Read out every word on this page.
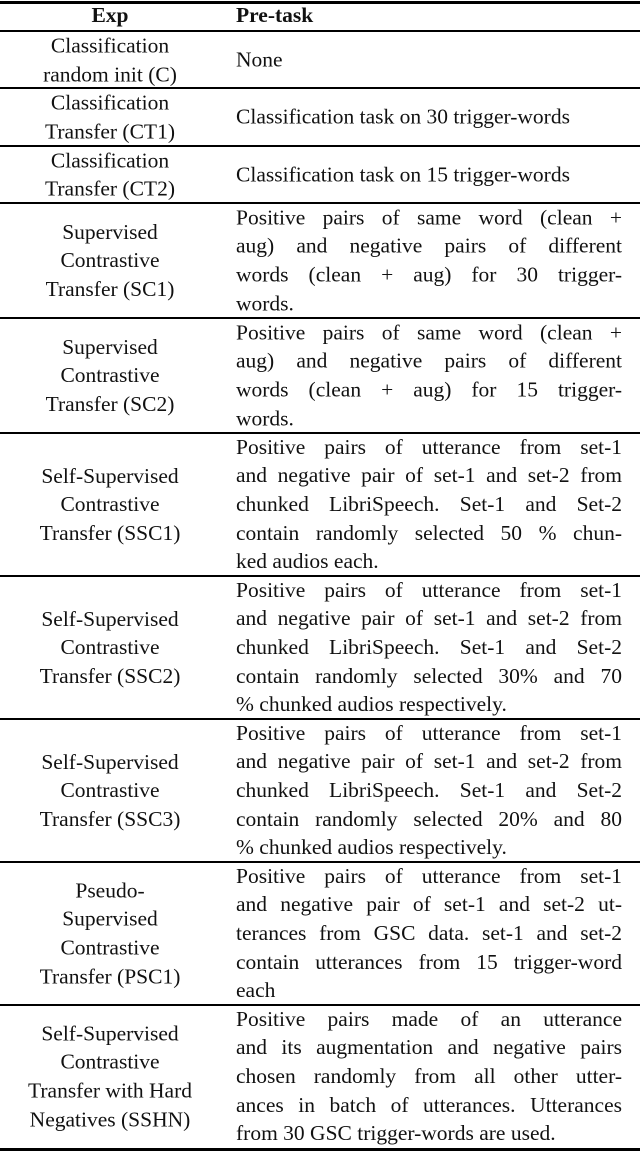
Exp	Pre-task
Classification
random init (C)
None
Classification
Transfer (CT1)
Classification task on 30 trigger-words
Classification
Transfer (CT2)
Classification task on 15 trigger-words
Supervised
Contrastive
Transfer (SC1)
Positive pairs of same word (clean +
aug) and negative pairs of different
words (clean + aug) for 30 trigger-
words.
Supervised
Contrastive
Transfer (SC2)
Positive pairs of same word (clean +
aug) and negative pairs of different
words (clean + aug) for 15 trigger-
words.
Self-Supervised
Contrastive
Transfer (SSC1)
Positive pairs of utterance from set-1
and negative pair of set-1 and set-2 from
chunked LibriSpeech. Set-1 and Set-2
contain randomly selected 50 % chun-
ked audios each.
Self-Supervised
Contrastive
Transfer (SSC2)
Positive pairs of utterance from set-1
and negative pair of set-1 and set-2 from
chunked LibriSpeech. Set-1 and Set-2
contain randomly selected 30% and 70
% chunked audios respectively.
Self-Supervised
Contrastive
Transfer (SSC3)
Positive pairs of utterance from set-1
and negative pair of set-1 and set-2 from
chunked LibriSpeech. Set-1 and Set-2
contain randomly selected 20% and 80
% chunked audios respectively.
Pseudo-
Supervised
Contrastive
Transfer (PSC1)
Positive pairs of utterance from set-1
and negative pair of set-1 and set-2 ut-
terances from GSC data. set-1 and set-2
contain utterances from 15 trigger-word
each
Self-Supervised
Contrastive
Transfer with Hard
Negatives (SSHN)
Positive pairs made of an utterance
and its augmentation and negative pairs
chosen randomly from all other utter-
ances in batch of utterances. Utterances
from 30 GSC trigger-words are used.
